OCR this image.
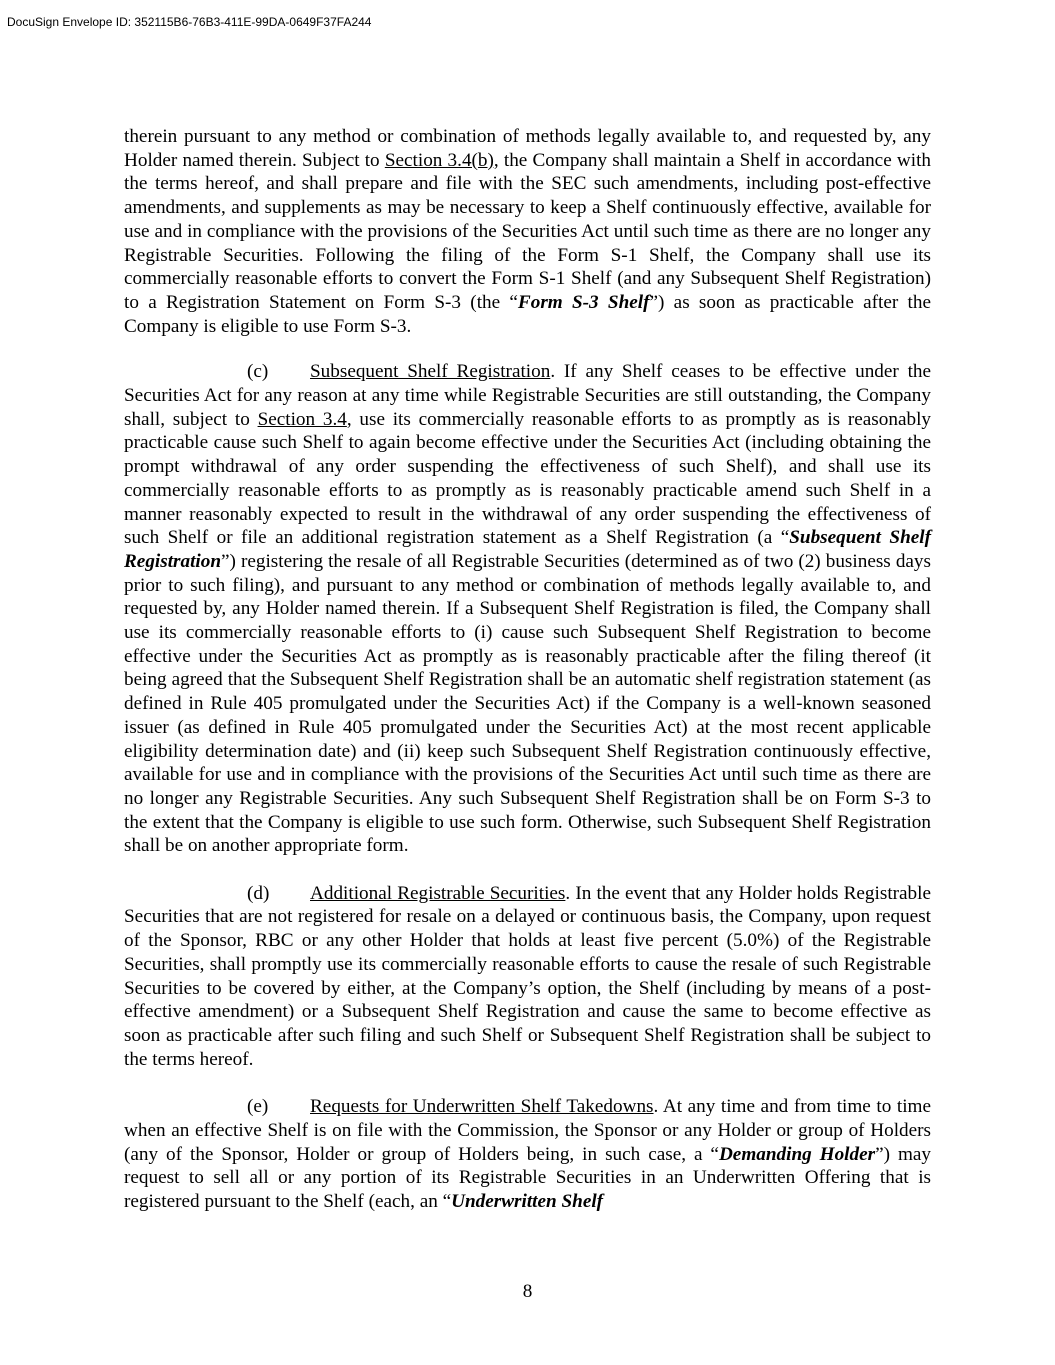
DocuSign Envelope ID: 352115B6-76B3-411E-99DA-0649F37FA244

therein pursuant to any method or combination of methods legally available to, and requested by, any Holder named therein. Subject to Section 3.4(b), the Company shall maintain a Shelf in accordance with the terms hereof, and shall prepare and file with the SEC such amendments, including post-effective amendments, and supplements as may be necessary to keep a Shelf continuously effective, available for use and in compliance with the provisions of the Securities Act until such time as there are no longer any Registrable Securities. Following the filing of the Form S-1 Shelf, the Company shall use its commercially reasonable efforts to convert the Form S-1 Shelf (and any Subsequent Shelf Registration) to a Registration Statement on Form S-3 (the “Form S-3 Shelf”) as soon as practicable after the Company is eligible to use Form S-3.

(c) Subsequent Shelf Registration. If any Shelf ceases to be effective under the Securities Act for any reason at any time while Registrable Securities are still outstanding, the Company shall, subject to Section 3.4, use its commercially reasonable efforts to as promptly as is reasonably practicable cause such Shelf to again become effective under the Securities Act (including obtaining the prompt withdrawal of any order suspending the effectiveness of such Shelf), and shall use its commercially reasonable efforts to as promptly as is reasonably practicable amend such Shelf in a manner reasonably expected to result in the withdrawal of any order suspending the effectiveness of such Shelf or file an additional registration statement as a Shelf Registration (a “Subsequent Shelf Registration”) registering the resale of all Registrable Securities (determined as of two (2) business days prior to such filing), and pursuant to any method or combination of methods legally available to, and requested by, any Holder named therein. If a Subsequent Shelf Registration is filed, the Company shall use its commercially reasonable efforts to (i) cause such Subsequent Shelf Registration to become effective under the Securities Act as promptly as is reasonably practicable after the filing thereof (it being agreed that the Subsequent Shelf Registration shall be an automatic shelf registration statement (as defined in Rule 405 promulgated under the Securities Act) if the Company is a well-known seasoned issuer (as defined in Rule 405 promulgated under the Securities Act) at the most recent applicable eligibility determination date) and (ii) keep such Subsequent Shelf Registration continuously effective, available for use and in compliance with the provisions of the Securities Act until such time as there are no longer any Registrable Securities. Any such Subsequent Shelf Registration shall be on Form S-3 to the extent that the Company is eligible to use such form. Otherwise, such Subsequent Shelf Registration shall be on another appropriate form.

(d) Additional Registrable Securities. In the event that any Holder holds Registrable Securities that are not registered for resale on a delayed or continuous basis, the Company, upon request of the Sponsor, RBC or any other Holder that holds at least five percent (5.0%) of the Registrable Securities, shall promptly use its commercially reasonable efforts to cause the resale of such Registrable Securities to be covered by either, at the Company’s option, the Shelf (including by means of a post-effective amendment) or a Subsequent Shelf Registration and cause the same to become effective as soon as practicable after such filing and such Shelf or Subsequent Shelf Registration shall be subject to the terms hereof.

(e) Requests for Underwritten Shelf Takedowns. At any time and from time to time when an effective Shelf is on file with the Commission, the Sponsor or any Holder or group of Holders (any of the Sponsor, Holder or group of Holders being, in such case, a “Demanding Holder”) may request to sell all or any portion of its Registrable Securities in an Underwritten Offering that is registered pursuant to the Shelf (each, an “Underwritten Shelf

8
